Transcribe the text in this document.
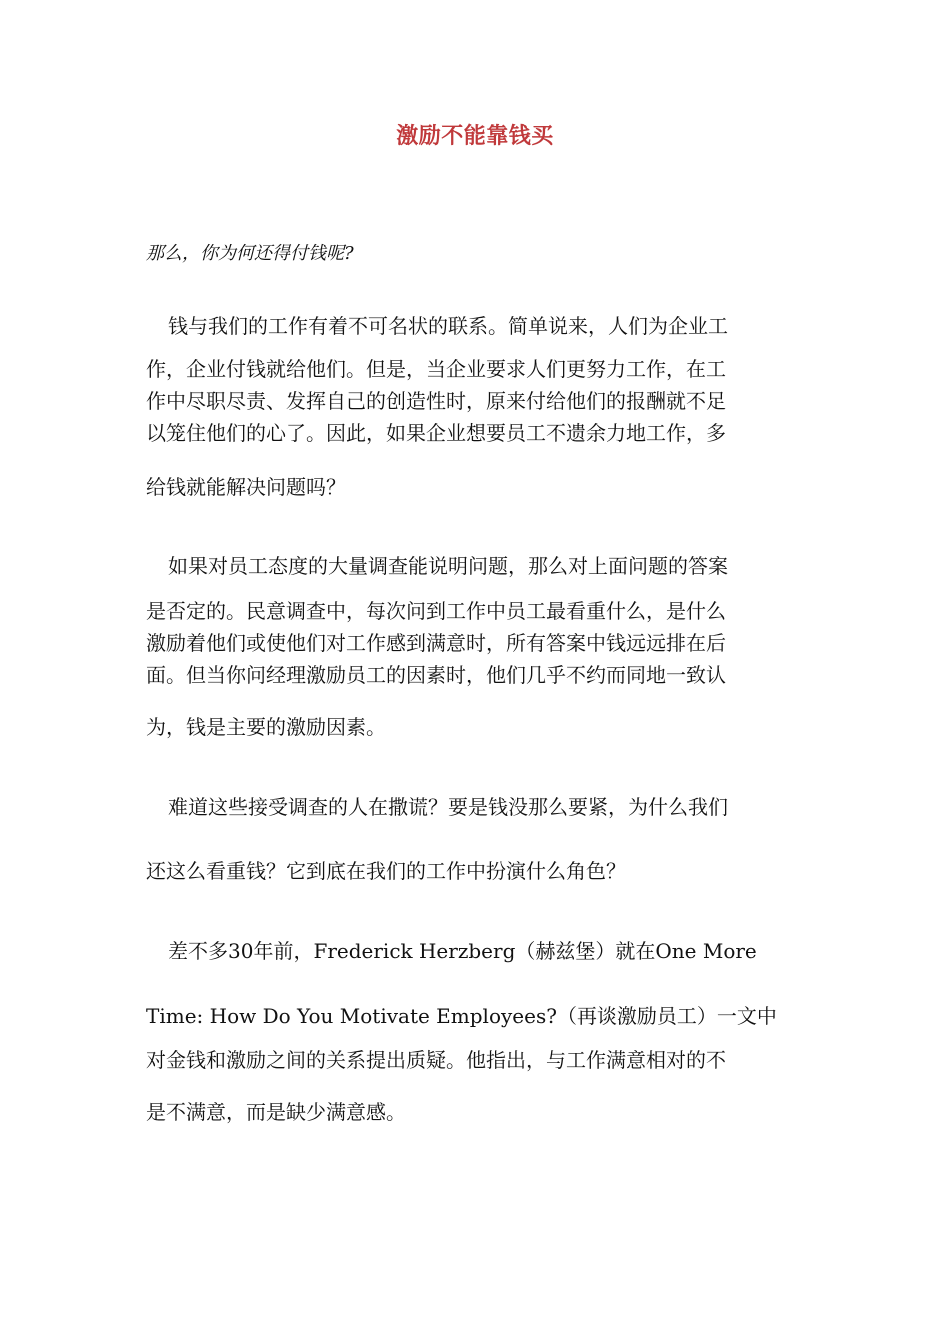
激励不能靠钱买
那么，你为何还得付钱呢?
钱与我们的工作有着不可名状的联系。简单说来，人们为企业工
作，企业付钱就给他们。但是，当企业要求人们更努力工作，在工
作中尽职尽责、发挥自己的创造性时，原来付给他们的报酬就不足
以笼住他们的心了。因此，如果企业想要员工不遗余力地工作，多
给钱就能解决问题吗？
如果对员工态度的大量调查能说明问题，那么对上面问题的答案
是否定的。民意调查中，每次问到工作中员工最看重什么，是什么
激励着他们或使他们对工作感到满意时，所有答案中钱远远排在后
面。但当你问经理激励员工的因素时，他们几乎不约而同地一致认
为，钱是主要的激励因素。
难道这些接受调查的人在撒谎？要是钱没那么要紧，为什么我们
还这么看重钱？它到底在我们的工作中扮演什么角色？
差不多30年前，Frederick Herzberg（赫兹堡）就在One More
Time: How Do You Motivate Employees?（再谈激励员工）一文中
对金钱和激励之间的关系提出质疑。他指出，与工作满意相对的不
是不满意，而是缺少满意感。
